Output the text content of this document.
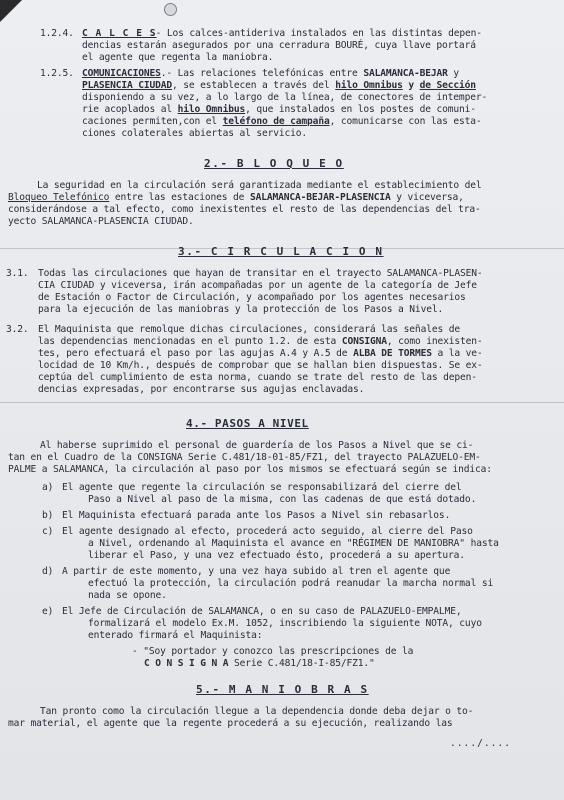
1.2.4. C A L C E S
.- Los calces-antideriva instalados en las distintas depen-
dencias estarán asegurados por una cerradura BOURÉ, cuya llave portará
el agente que regenta la maniobra.
1.2.5. COMUNICACIONES.- Las relaciones telefónicas entre SALAMANCA-BEJAR y
PLASENCIA CIUDAD, se establecen a través del hilo Omnibus y de Sección
disponiendo a su vez, a lo largo de la línea, de conectores de intemper-
rie acoplados al hilo Omnibus, que instalados en los postes de comuni-
caciones permiten,con el teléfono de campaña, comunicarse con las esta-
ciones colaterales abiertas al servicio.
2.- B L O Q U E O
La seguridad en la circulación será garantizada mediante el establecimiento del
Bloqueo Telefónico entre las estaciones de SALAMANCA-BEJAR-PLASENCIA y viceversa,
considerándose a tal efecto, como inexistentes el resto de las dependencias del tra-
yecto SALAMANCA-PLASENCIA CIUDAD.
3.- C I R C U L A C I O N
3.1. Todas las circulaciones que hayan de transitar en el trayecto SALAMANCA-PLASEN-
CIA CIUDAD y viceversa, irán acompañadas por un agente de la categoría de Jefe
de Estación o Factor de Circulación, y acompañado por los agentes necesarios
para la ejecución de las maniobras y la protección de los Pasos a Nivel.
3.2. El Maquinista que remolque dichas circulaciones, considerará las señales de
las dependencias mencionadas en el punto 1.2. de esta CONSIGNA, como inexisten-
tes, pero efectuará el paso por las agujas A.4 y A.5 de ALBA DE TORMES a la ve-
locidad de 10 Km/h., después de comprobar que se hallan bien dispuestas. Se ex-
ceptúa del cumplimiento de esta norma, cuando se trate del resto de las depen-
dencias expresadas, por encontrarse sus agujas enclavadas.
4.- PASOS A NIVEL
Al haberse suprimido el personal de guardería de los Pasos a Nivel que se ci-
tan en el Cuadro de la CONSIGNA Serie C.481/18-01-85/FZ1, del trayecto PALAZUELO-EM-
PALME a SALAMANCA, la circulación al paso por los mismos se efectuará según se indica:
a) El agente que regente la circulación se responsabilizará del cierre del
Paso a Nivel al paso de la misma, con las cadenas de que está dotado.
b) El Maquinista efectuará parada ante los Pasos a Nivel sin rebasarlos.
c) El agente designado al efecto, procederá acto seguido, al cierre del Paso
a Nivel, ordenando al Maquinista el avance en "RÉGIMEN DE MANIOBRA" hasta
liberar el Paso, y una vez efectuado ésto, procederá a su apertura.
d) A partir de este momento, y una vez haya subido al tren el agente que
efectuó la protección, la circulación podrá reanudar la marcha normal si
nada se opone.
e) El Jefe de Circulación de SALAMANCA, o en su caso de PALAZUELO-EMPALME,
formalizará el modelo Ex.M. 1052, inscribiendo la siguiente NOTA, cuyo
enterado firmará el Maquinista:
- "Soy portador y conozco las prescripciones de la
C O N S I G N A Serie C.481/18-I-85/FZ1."
5.- M A N I O B R A S
Tan pronto como la circulación llegue a la dependencia donde deba dejar o to-
mar material, el agente que la regente procederá a su ejecución, realizando las
..../....
